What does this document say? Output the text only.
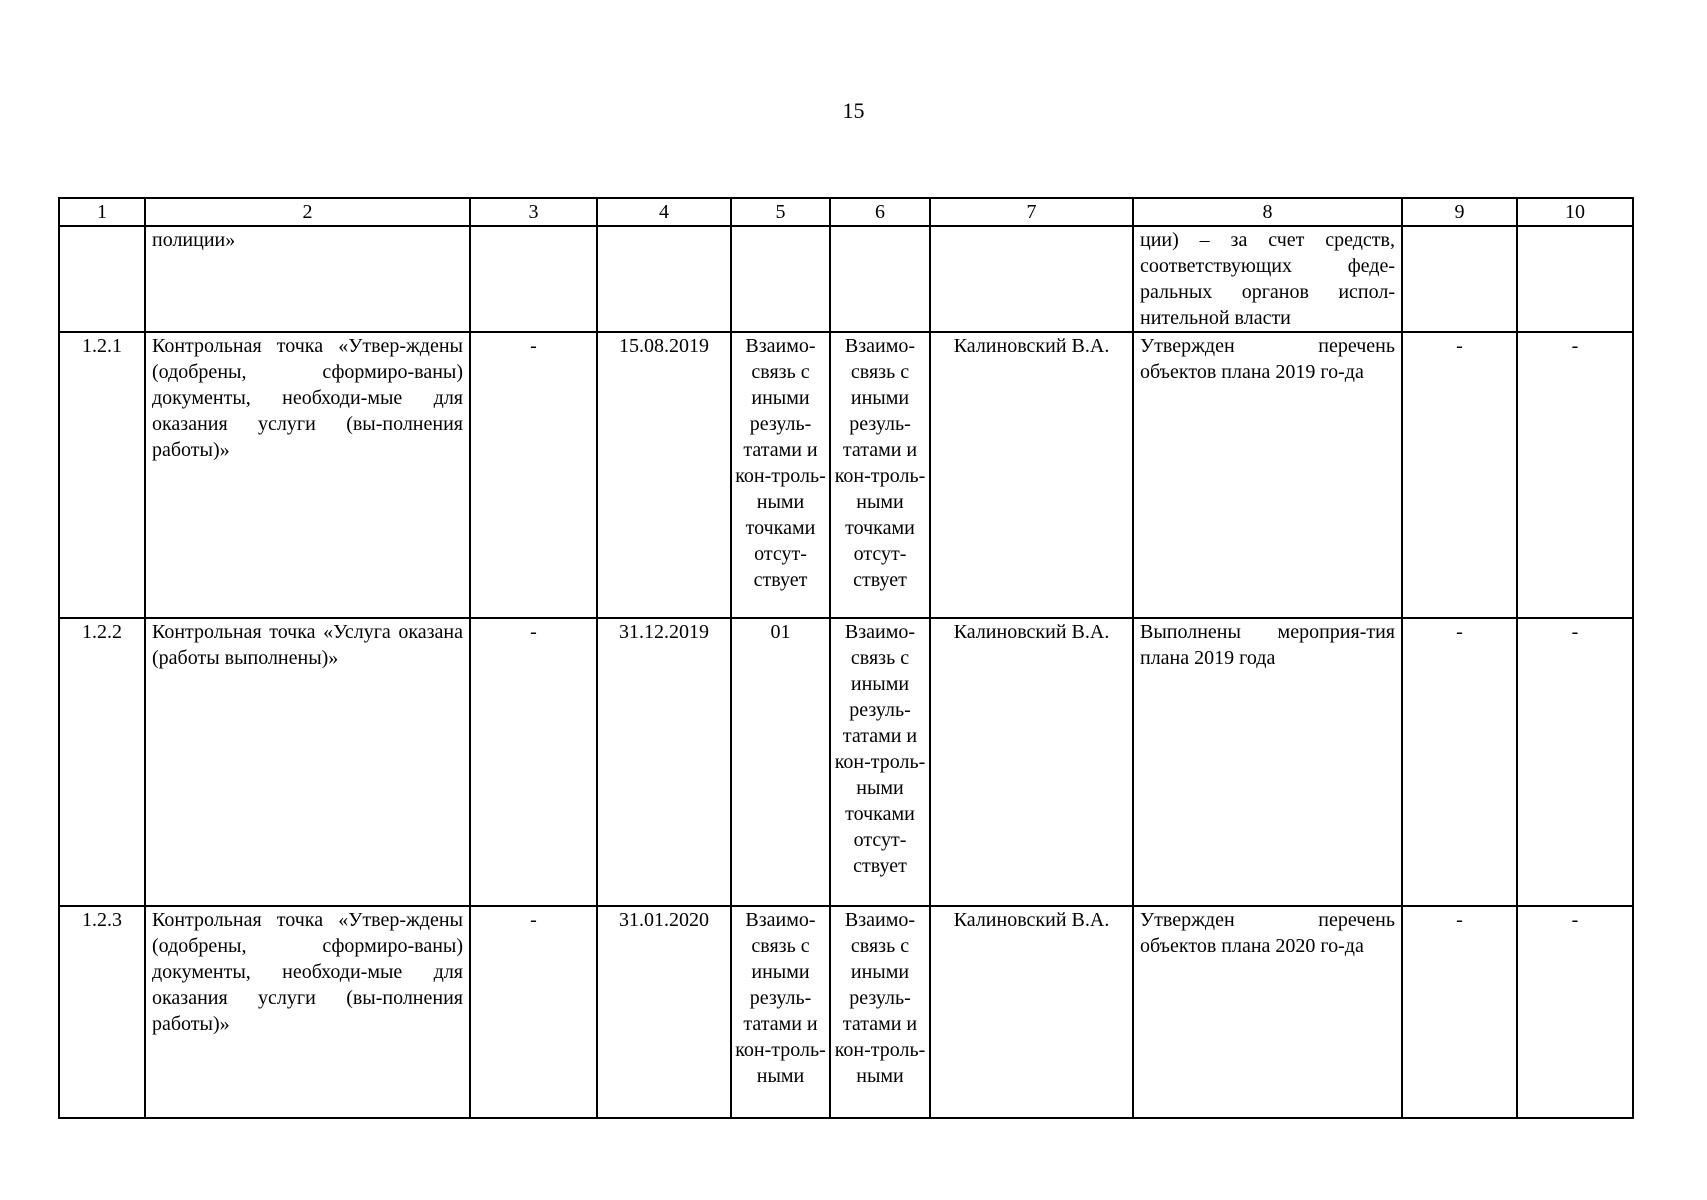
15
1	2	3	4	5	6	7	8	9	10
	полиции»						ции) – за счет средств, соответствующих феде-ральных органов испол-нительной власти		
1.2.1	Контрольная точка «Утвер-ждены (одобрены, сформиро-ваны) документы, необходи-мые для оказания услуги (вы-полнения работы)»	-	15.08.2019	Взаимо-связь с иными резуль-татами и кон-троль-ными точками отсут-ствует	Взаимо-связь с иными резуль-татами и кон-троль-ными точками отсут-ствует	Калиновский В.А.	Утвержден перечень объектов плана 2019 го-да	-	-
1.2.2	Контрольная точка «Услуга оказана (работы выполнены)»	-	31.12.2019	01	Взаимо-связь с иными резуль-татами и кон-троль-ными точками отсут-ствует	Калиновский В.А.	Выполнены мероприя-тия плана 2019 года	-	-
1.2.3	Контрольная точка «Утвер-ждены (одобрены, сформиро-ваны) документы, необходи-мые для оказания услуги (вы-полнения работы)»	-	31.01.2020	Взаимо-связь с иными резуль-татами и кон-троль-ными	Взаимо-связь с иными резуль-татами и кон-троль-ными	Калиновский В.А.	Утвержден перечень объектов плана 2020 го-да	-	-
